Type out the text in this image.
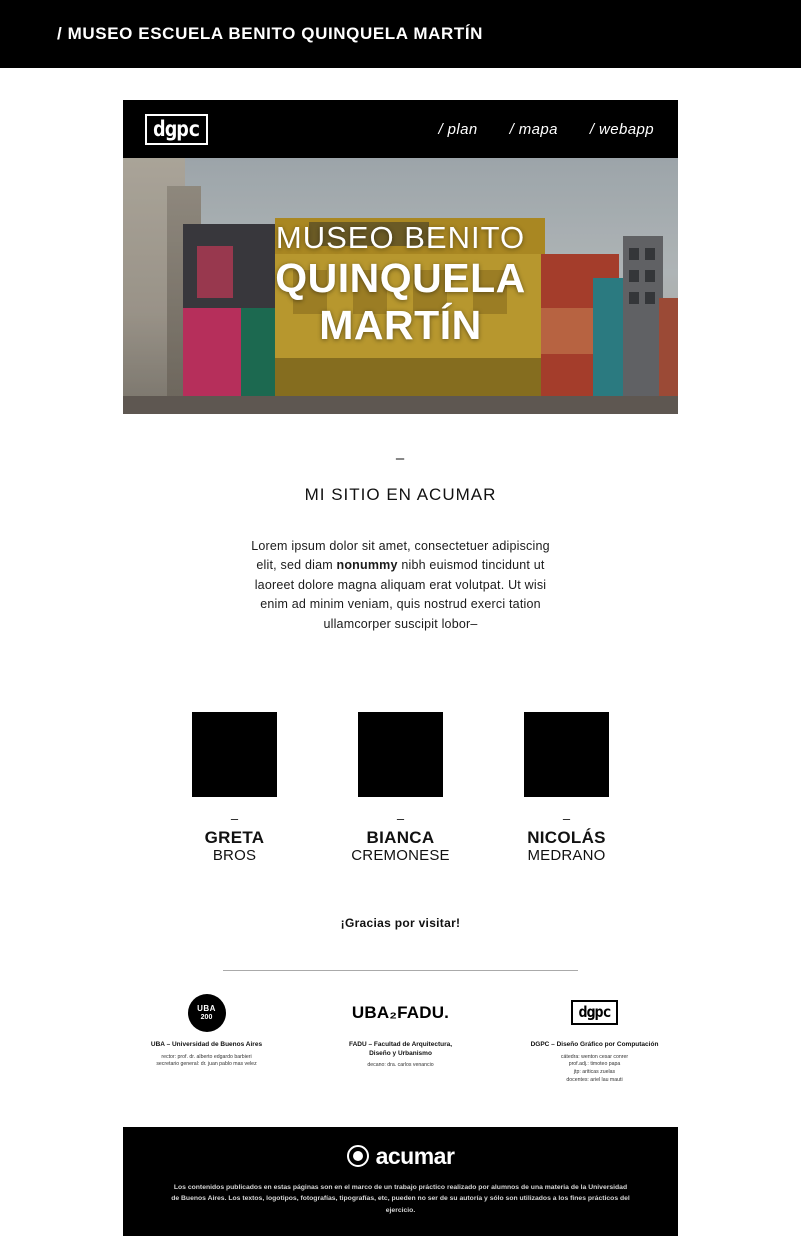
/ MUSEO ESCUELA BENITO QUINQUELA MARTÍN
dgpc	/ plan / mapa / webapp
MUSEO BENITO
QUINQUELA
MARTÍN
–
MI SITIO EN ACUMAR
Lorem ipsum dolor sit amet, consectetuer adipiscing elit, sed diam nonummy nibh euismod tincidunt ut laoreet dolore magna aliquam erat volutpat. Ut wisi enim ad minim veniam, quis nostrud exerci tation ullamcorper suscipit lobor–
–
GRETA
BROS
–
BIANCA
CREMONESE
–
NICOLÁS
MEDRANO
¡Gracias por visitar!
UBA
200
UBA – Universidad de Buenos Aires
rector: prof. dr. alberto edgardo barbieri
secretario general: dr. juan pablo mas velez
UBA₂FADU.
FADU – Facultad de Arquitectura,
Diseño y Urbanismo
decano: dra. carlos venancio
dgpc
DGPC – Diseño Gráfico por Computación
cátedra: wenton cesar conrer
prof.adj.: timoteo papa
jtp: ariticas zuelas
docentes: ariel lau mauti
acumar
Los contenidos publicados en estas páginas son en el marco de un trabajo práctico realizado por alumnos de una materia de la Universidad de Buenos Aires. Los textos, logotipos, fotografías, tipografías, etc, pueden no ser de su autoría y sólo son utilizados a los fines prácticos del ejercicio.
